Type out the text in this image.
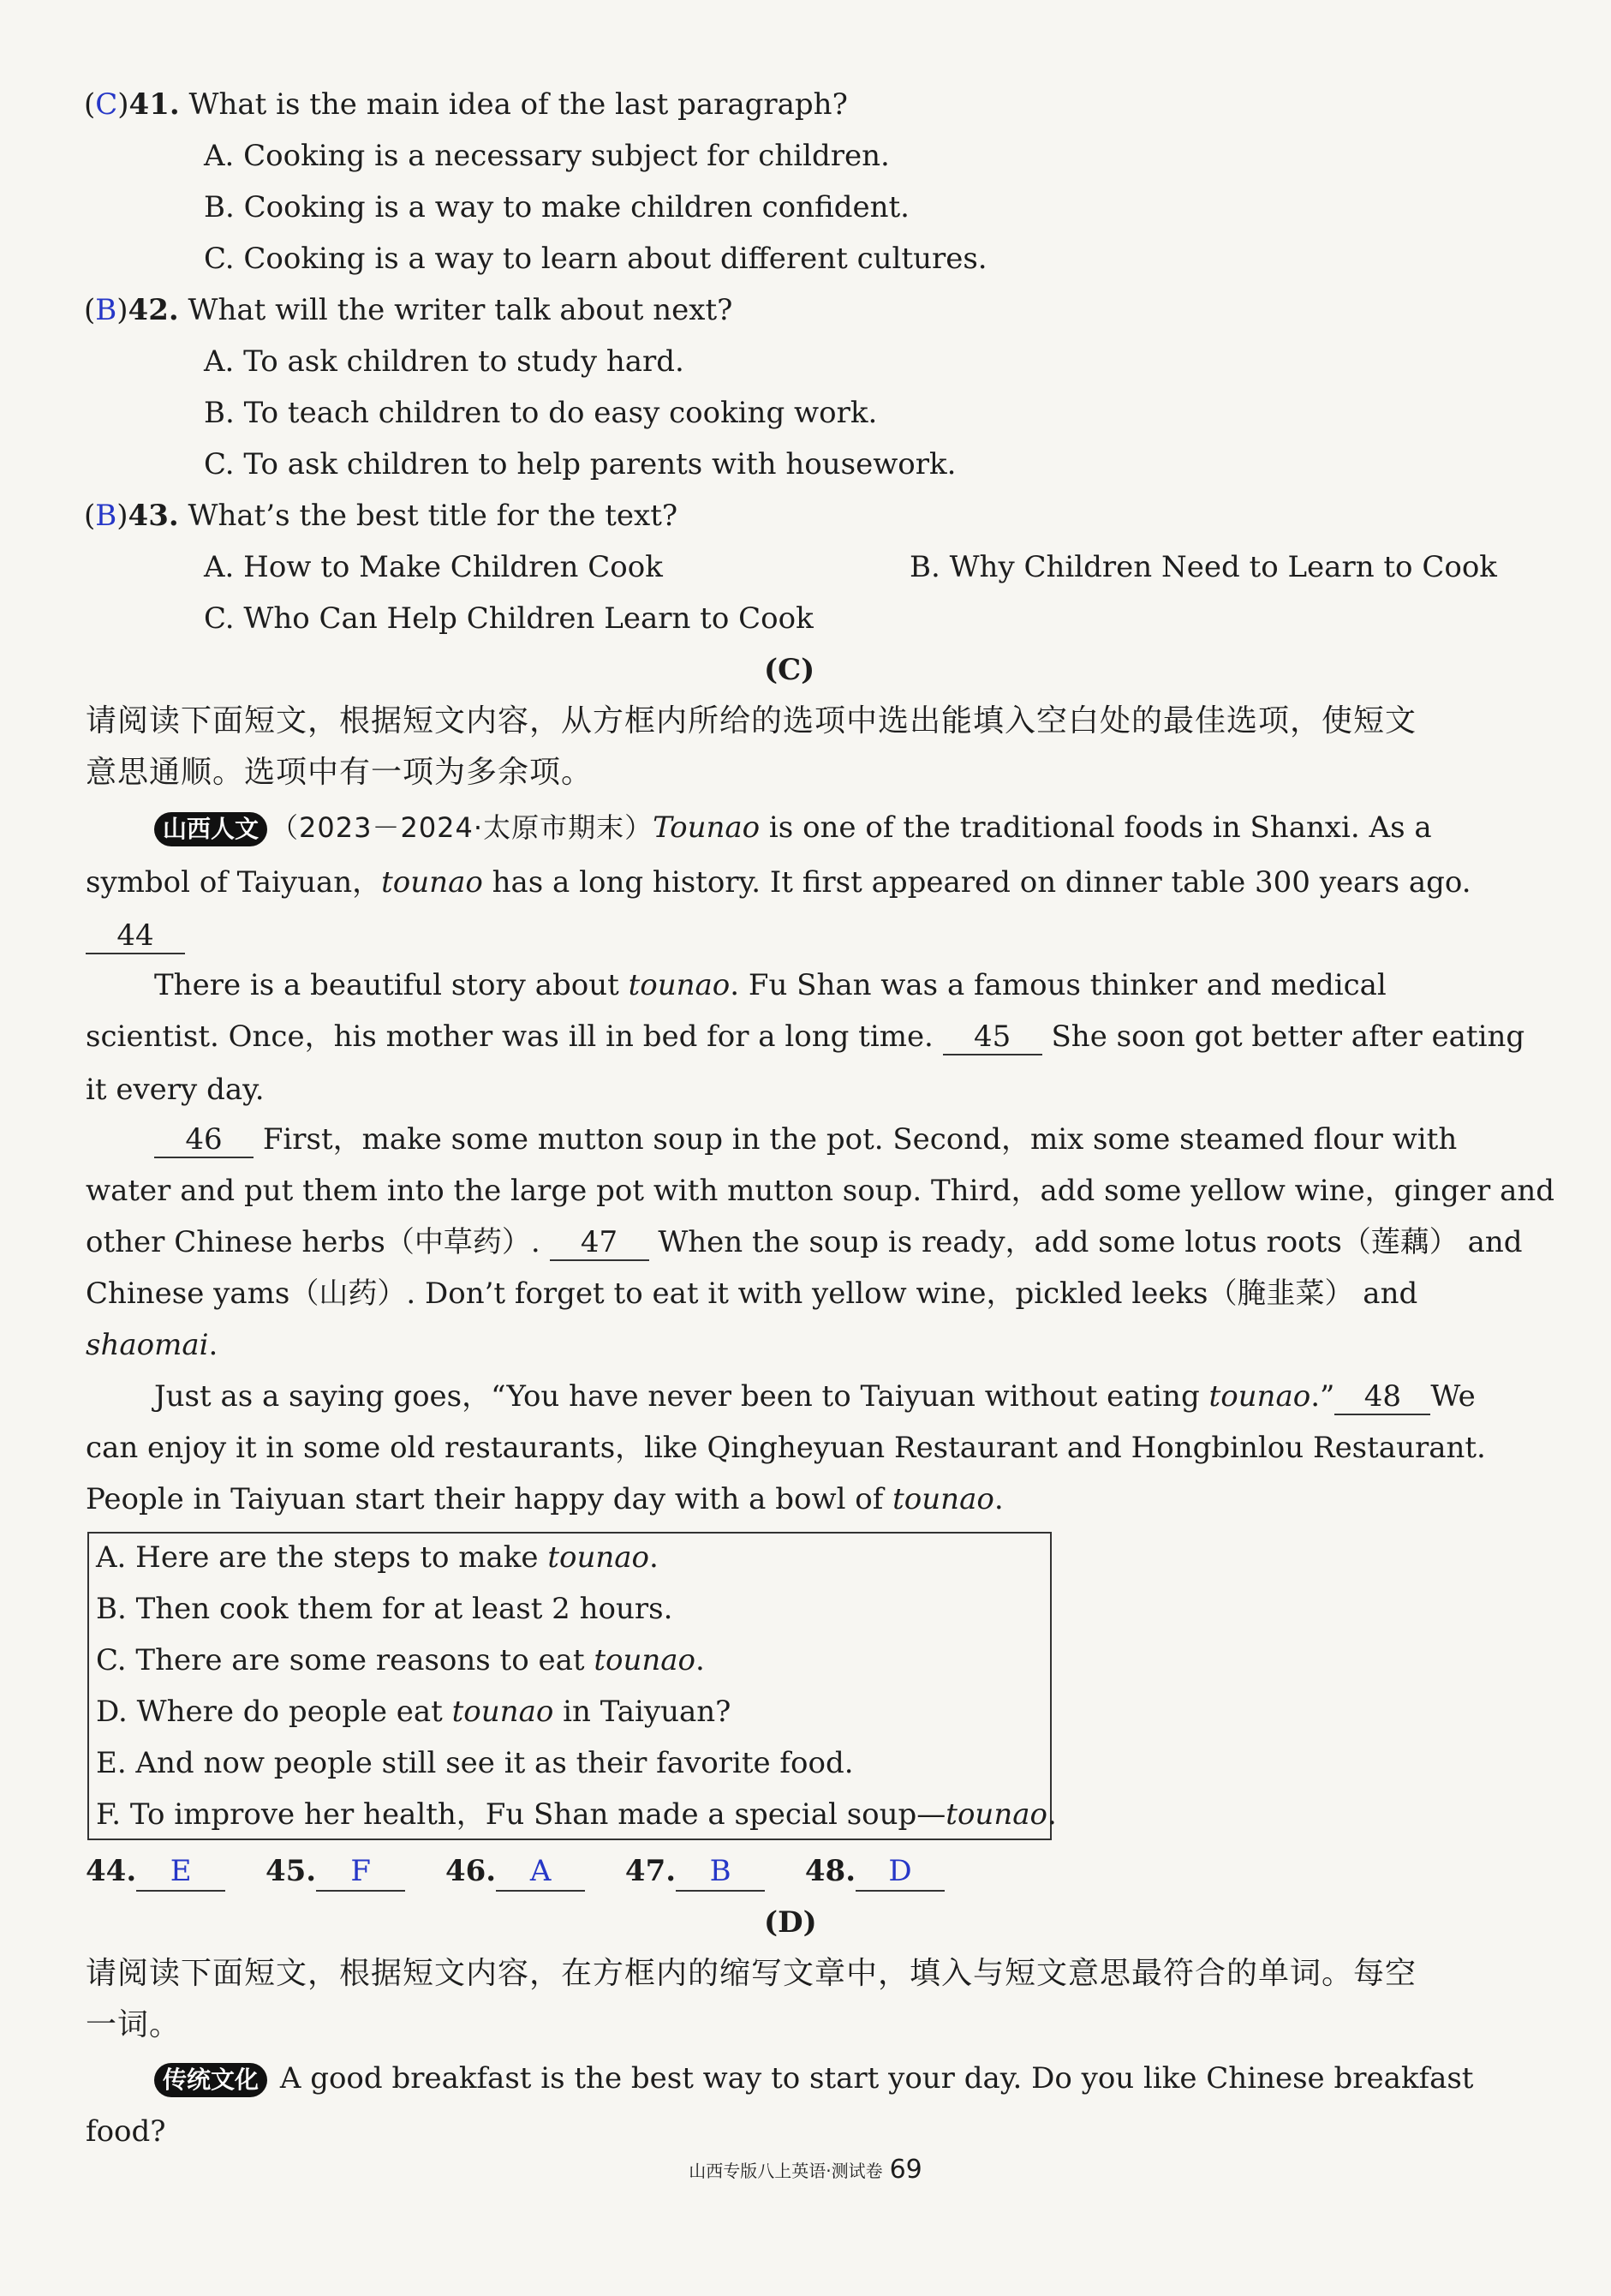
(C)41. What is the main idea of the last paragraph?
A. Cooking is a necessary subject for children.
B. Cooking is a way to make children confident.
C. Cooking is a way to learn about different cultures.
(B)42. What will the writer talk about next?
A. To ask children to study hard.
B. To teach children to do easy cooking work.
C. To ask children to help parents with housework.
(B)43. What’s the best title for the text?
A. How to Make Children Cook	B. Why Children Need to Learn to Cook
C. Who Can Help Children Learn to Cook
(C)
请阅读下面短文，根据短文内容，从方框内所给的选项中选出能填入空白处的最佳选项，使短文
意思通顺。选项中有一项为多余项。
山西人文 （2023－2024·太原市期末）Tounao is one of the traditional foods in Shanxi. As a
symbol of Taiyuan，tounao has a long history. It first appeared on dinner table 300 years ago.
44
There is a beautiful story about tounao. Fu Shan was a famous thinker and medical
scientist. Once，his mother was ill in bed for a long time. 45 She soon got better after eating
it every day.
46 First，make some mutton soup in the pot. Second，mix some steamed flour with
water and put them into the large pot with mutton soup. Third，add some yellow wine，ginger and
other Chinese herbs（中草药）. 47 When the soup is ready，add some lotus roots（莲藕） and
Chinese yams（山药）. Don’t forget to eat it with yellow wine，pickled leeks（腌韭菜） and
shaomai.
Just as a saying goes，“You have never been to Taiyuan without eating tounao.” 48 We
can enjoy it in some old restaurants，like Qingheyuan Restaurant and Hongbinlou Restaurant.
People in Taiyuan start their happy day with a bowl of tounao.
A. Here are the steps to make tounao.
B. Then cook them for at least 2 hours.
C. There are some reasons to eat tounao.
D. Where do people eat tounao in Taiyuan?
E. And now people still see it as their favorite food.
F. To improve her health，Fu Shan made a special soup—tounao.
44. E	45. F	46. A	47. B	48. D
(D)
请阅读下面短文，根据短文内容，在方框内的缩写文章中，填入与短文意思最符合的单词。每空
一词。
传统文化 A good breakfast is the best way to start your day. Do you like Chinese breakfast
food?
山西专版八上英语·测试卷 69
